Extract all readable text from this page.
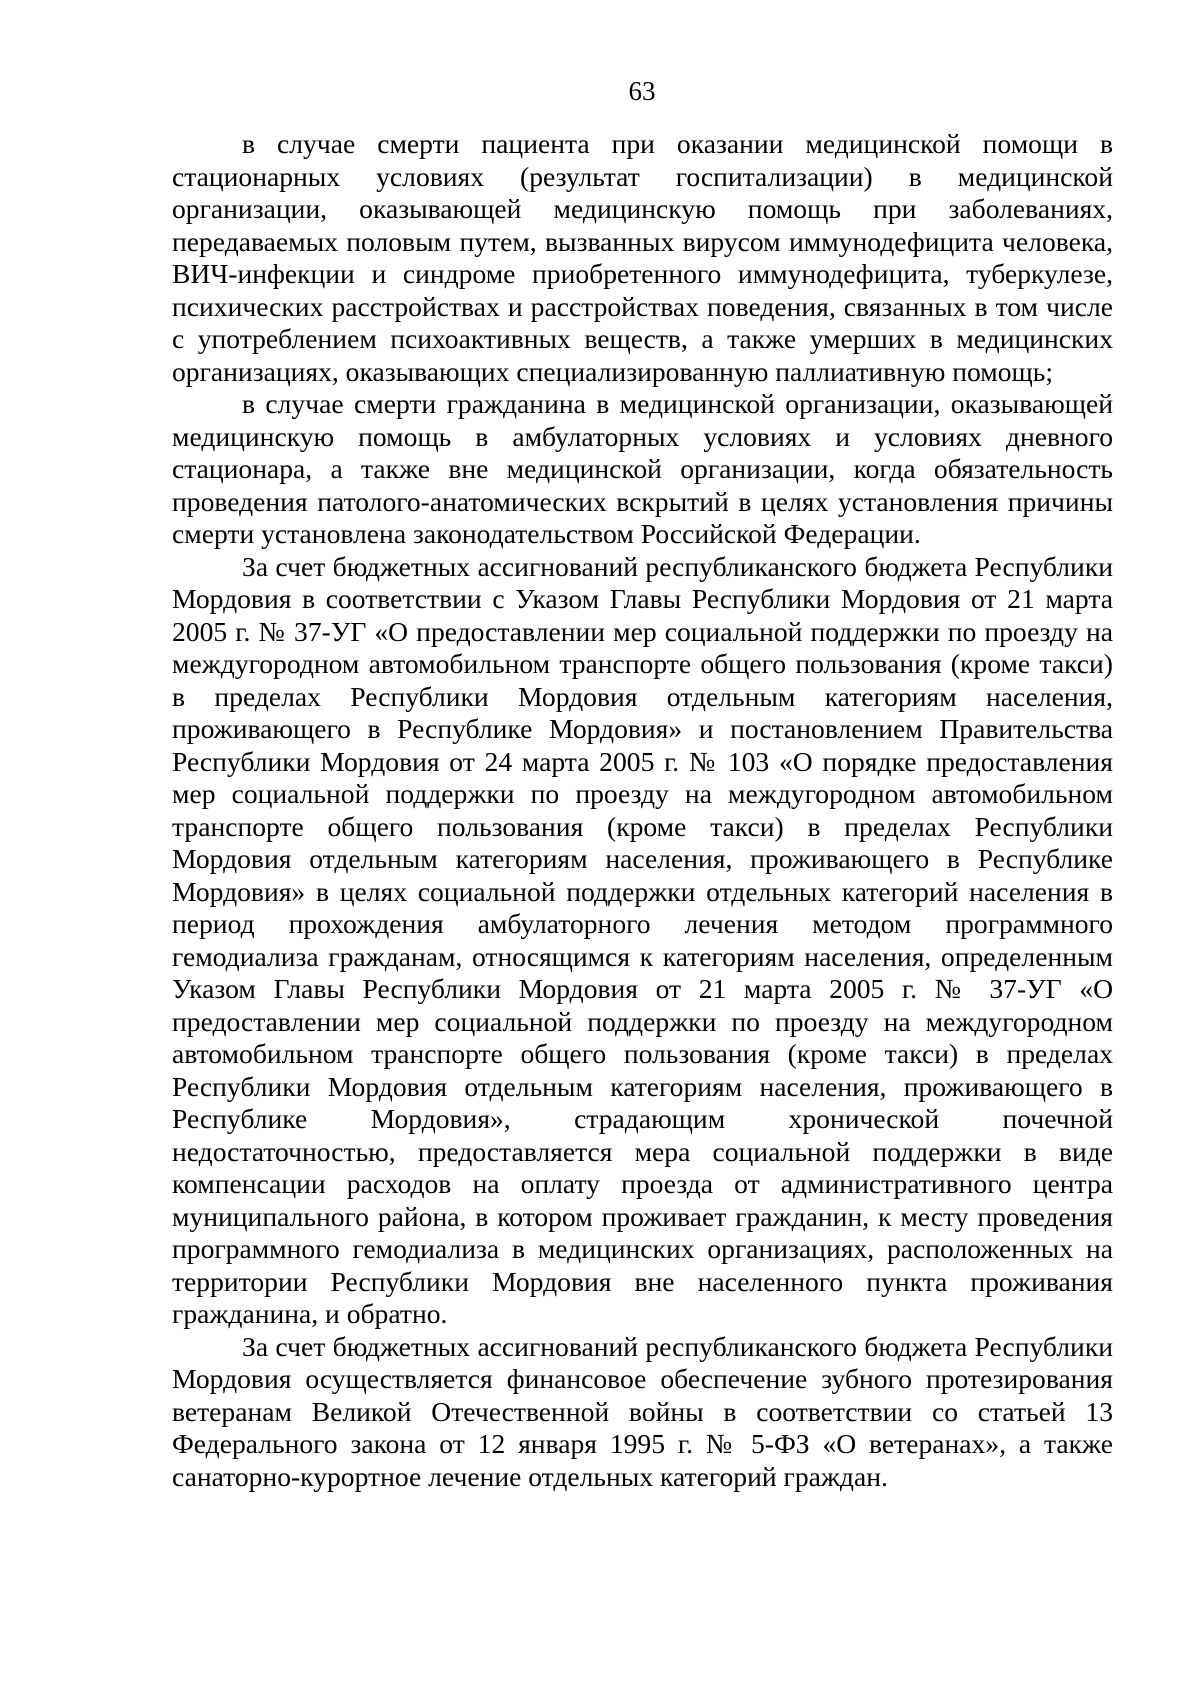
63

в случае смерти пациента при оказании медицинской помощи в стационарных условиях (результат госпитализации) в медицинской организации, оказывающей медицинскую помощь при заболеваниях, передаваемых половым путем, вызванных вирусом иммунодефицита человека, ВИЧ-инфекции и синдроме приобретенного иммунодефицита, туберкулезе, психических расстройствах и расстройствах поведения, связанных в том числе с употреблением психоактивных веществ, а также умерших в медицинских организациях, оказывающих специализированную паллиативную помощь;

в случае смерти гражданина в медицинской организации, оказывающей медицинскую помощь в амбулаторных условиях и условиях дневного стационара, а также вне медицинской организации, когда обязательность проведения патолого-анатомических вскрытий в целях установления причины смерти установлена законодательством Российской Федерации.

За счет бюджетных ассигнований республиканского бюджета Республики Мордовия в соответствии с Указом Главы Республики Мордовия от 21 марта 2005 г. № 37-УГ «О предоставлении мер социальной поддержки по проезду на междугородном автомобильном транспорте общего пользования (кроме такси) в пределах Республики Мордовия отдельным категориям населения, проживающего в Республике Мордовия» и постановлением Правительства Республики Мордовия от 24 марта 2005 г. № 103 «О порядке предоставления мер социальной поддержки по проезду на междугородном автомобильном транспорте общего пользования (кроме такси) в пределах Республики Мордовия отдельным категориям населения, проживающего в Республике Мордовия» в целях социальной поддержки отдельных категорий населения в период прохождения амбулаторного лечения методом программного гемодиализа гражданам, относящимся к категориям населения, определенным Указом Главы Республики Мордовия от 21 марта 2005 г. № 37-УГ «О предоставлении мер социальной поддержки по проезду на междугородном автомобильном транспорте общего пользования (кроме такси) в пределах Республики Мордовия отдельным категориям населения, проживающего в Республике Мордовия», страдающим хронической почечной недостаточностью, предоставляется мера социальной поддержки в виде компенсации расходов на оплату проезда от административного центра муниципального района, в котором проживает гражданин, к месту проведения программного гемодиализа в медицинских организациях, расположенных на территории Республики Мордовия вне населенного пункта проживания гражданина, и обратно.

За счет бюджетных ассигнований республиканского бюджета Республики Мордовия осуществляется финансовое обеспечение зубного протезирования ветеранам Великой Отечественной войны в соответствии со статьей 13 Федерального закона от 12 января 1995 г. № 5-ФЗ «О ветеранах», а также санаторно-курортное лечение отдельных категорий граждан.
